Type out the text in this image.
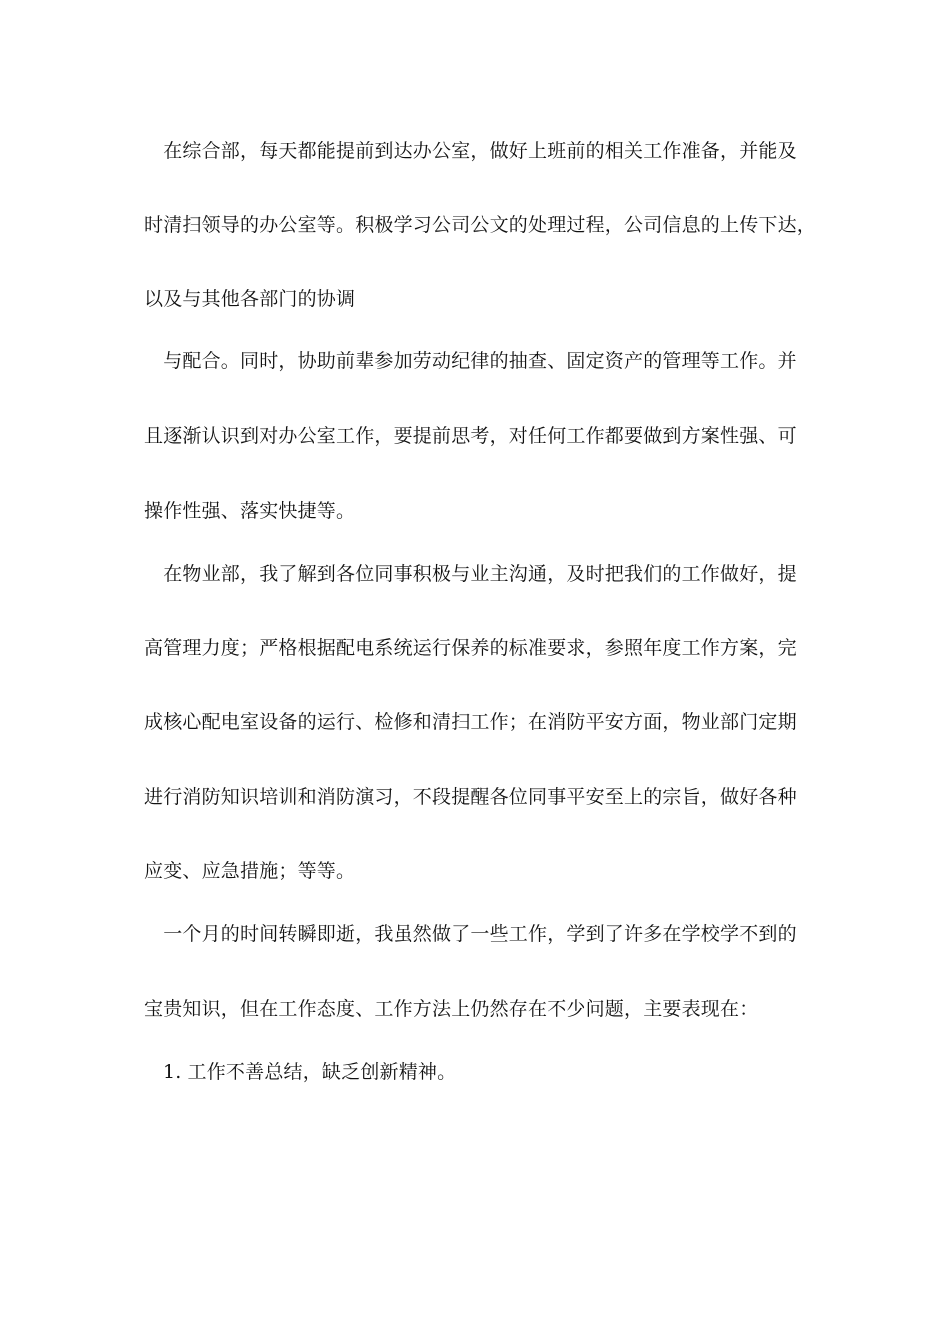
　在综合部，每天都能提前到达办公室，做好上班前的相关工作准备，并能及
时清扫领导的办公室等。积极学习公司公文的处理过程，公司信息的上传下达，
以及与其他各部门的协调
　与配合。同时，协助前辈参加劳动纪律的抽查、固定资产的管理等工作。并
且逐渐认识到对办公室工作，要提前思考，对任何工作都要做到方案性强、可
操作性强、落实快捷等。
　在物业部，我了解到各位同事积极与业主沟通，及时把我们的工作做好，提
高管理力度；严格根据配电系统运行保养的标准要求，参照年度工作方案，完
成核心配电室设备的运行、检修和清扫工作；在消防平安方面，物业部门定期
进行消防知识培训和消防演习，不段提醒各位同事平安至上的宗旨，做好各种
应变、应急措施；等等。
　一个月的时间转瞬即逝，我虽然做了一些工作，学到了许多在学校学不到的
宝贵知识，但在工作态度、工作方法上仍然存在不少问题，主要表现在：
1. 工作不善总结，缺乏创新精神。
